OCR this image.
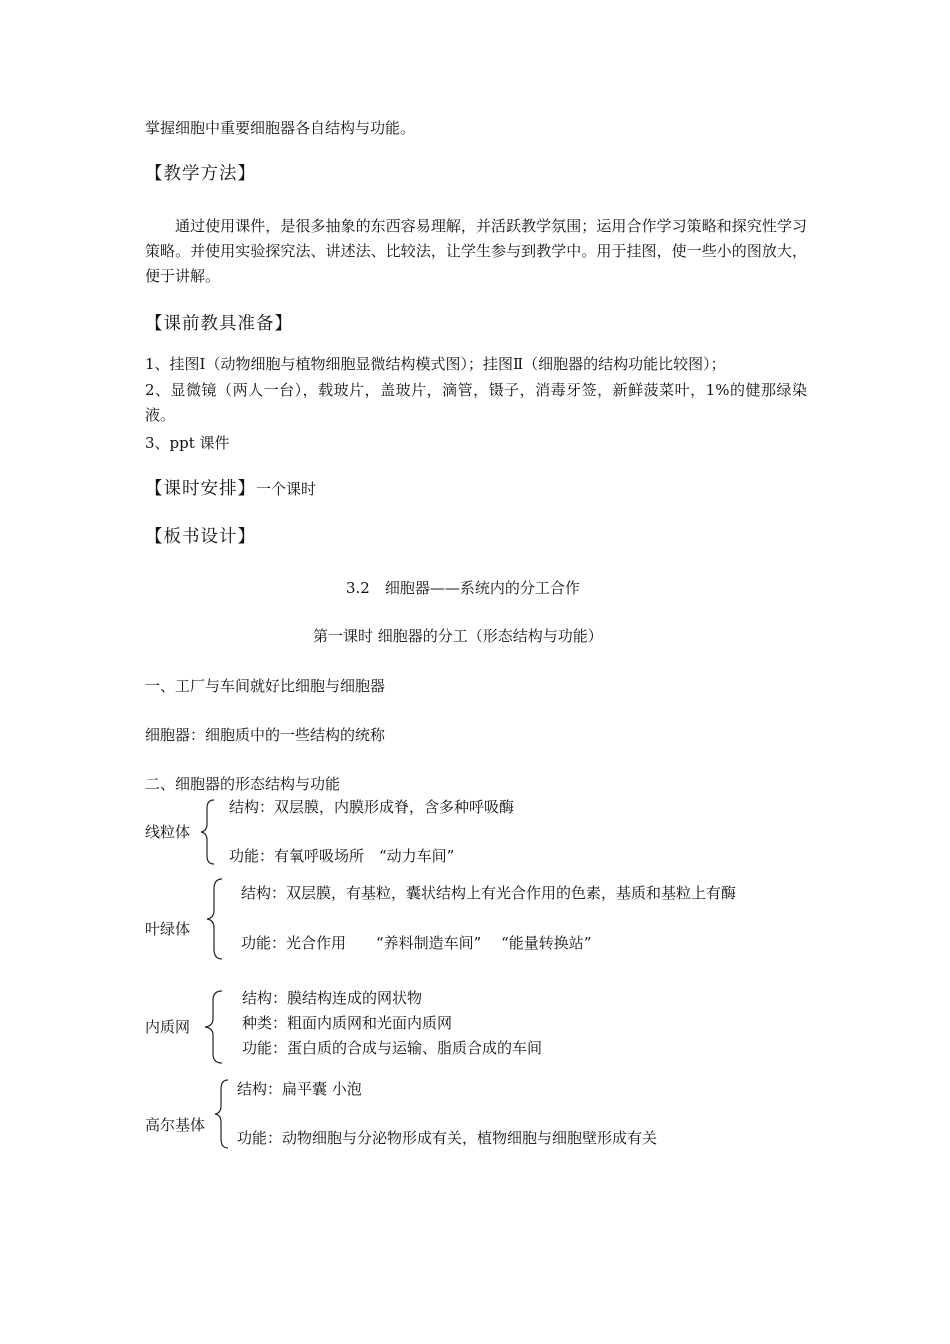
掌握细胞中重要细胞器各自结构与功能。
【教学方法】
通过使用课件，是很多抽象的东西容易理解，并活跃教学氛围；运用合作学习策略和探究性学习策略。并使用实验探究法、讲述法、比较法，让学生参与到教学中。用于挂图，使一些小的图放大，便于讲解。
【课前教具准备】
1、挂图Ⅰ（动物细胞与植物细胞显微结构模式图）；挂图Ⅱ（细胞器的结构功能比较图）；
2、显微镜（两人一台），载玻片，盖玻片，滴管，镊子，消毒牙签，新鲜菠菜叶，1%的健那绿染液。
3、ppt 课件
【课时安排】一个课时
【板书设计】
3.2　细胞器——系统内的分工合作
第一课时 细胞器的分工（形态结构与功能）
一、工厂与车间就好比细胞与细胞器
细胞器：细胞质中的一些结构的统称
二、细胞器的形态结构与功能
线粒体
结构：双层膜，内膜形成脊，含多种呼吸酶
功能：有氧呼吸场所　“动力车间”
叶绿体
结构：双层膜，有基粒，囊状结构上有光合作用的色素，基质和基粒上有酶
功能：光合作用　　“养料制造车间”　 “能量转换站”
内质网
结构：膜结构连成的网状物
种类：粗面内质网和光面内质网
功能：蛋白质的合成与运输、脂质合成的车间
高尔基体
结构：扁平囊 小泡
功能：动物细胞与分泌物形成有关，植物细胞与细胞壁形成有关
